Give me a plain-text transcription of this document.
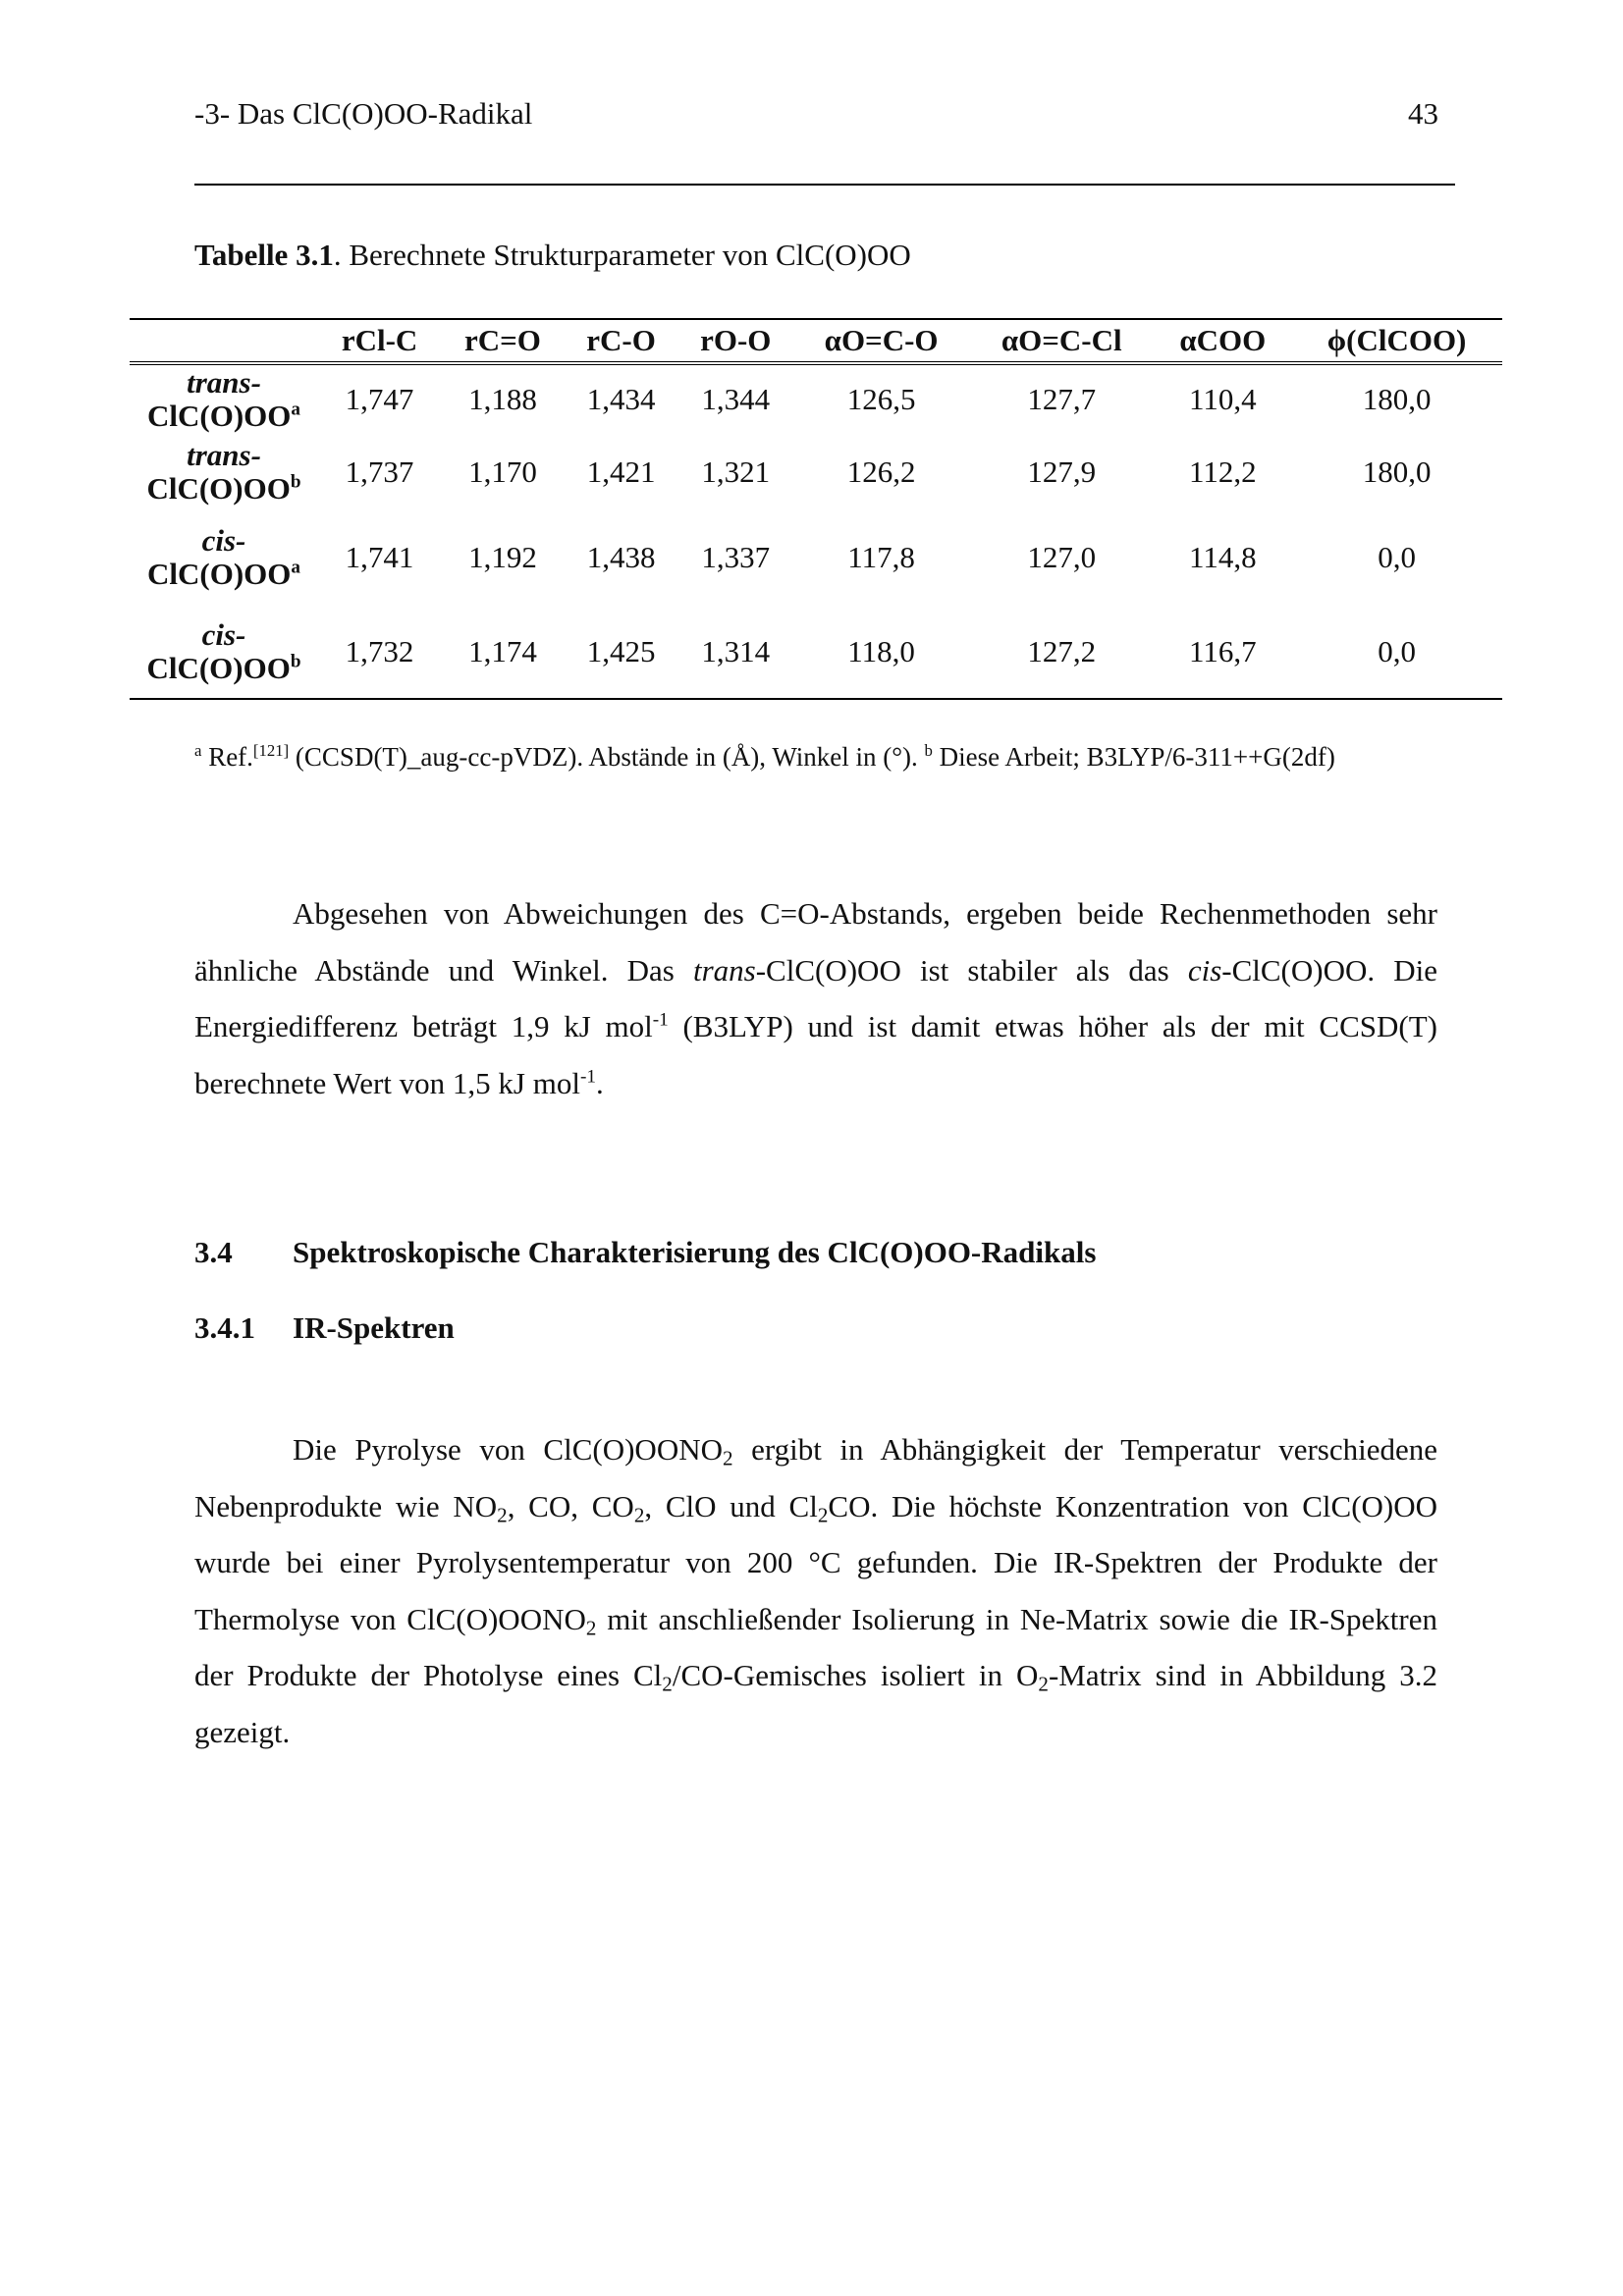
-3- Das ClC(O)OO-Radikal	43
Tabelle 3.1. Berechnete Strukturparameter von ClC(O)OO
	rCl-C	rC=O	rC-O	rO-O	αO=C-O	αO=C-Cl	αCOO	ϕ(ClCOO)

trans-
$ClC(O)OO^a$	1,747	1,188	1,434	1,344	126,5	127,7	110,4	180,0

trans-
$ClC(O)OO^b$	1,737	1,170	1,421	1,321	126,2	127,9	112,2	180,0

cis-
$ClC(O)OO^a$	1,741	1,192	1,438	1,337	117,8	127,0	114,8	0,0

cis-
$ClC(O)OO^b$	1,732	1,174	1,425	1,314	118,0	127,2	116,7	0,0
$^a$ Ref.[121] (CCSD(T)_aug-cc-pVDZ). Abstände in (Å), Winkel in (°). $^b$ Diese Arbeit; B3LYP/6-311++G(2df)
Abgesehen von Abweichungen des C=O-Abstands, ergeben beide Rechenmethoden sehr ähnliche Abstände und Winkel. Das trans-ClC(O)OO ist stabiler als das cis-ClC(O)OO. Die Energiedifferenz beträgt 1,9 kJ mol$^{-1}$ (B3LYP) und ist damit etwas höher als der mit CCSD(T) berechnete Wert von 1,5 kJ mol$^{-1}$.
3.4 Spektroskopische Charakterisierung des ClC(O)OO-Radikals
3.4.1 IR-Spektren
Die Pyrolyse von $ClC(O)OONO_2$ ergibt in Abhängigkeit der Temperatur verschiedene Nebenprodukte wie $NO_2$, CO, $CO_2$, ClO und $Cl_2CO$. Die höchste Konzentration von ClC(O)OO wurde bei einer Pyrolysentemperatur von 200 °C gefunden. Die IR-Spektren der Produkte der Thermolyse von $ClC(O)OONO_2$ mit anschließender Isolierung in Ne-Matrix sowie die IR-Spektren der Produkte der Photolyse eines $Cl_2/CO$-Gemisches isoliert in $O_2$-Matrix sind in Abbildung 3.2 gezeigt.
